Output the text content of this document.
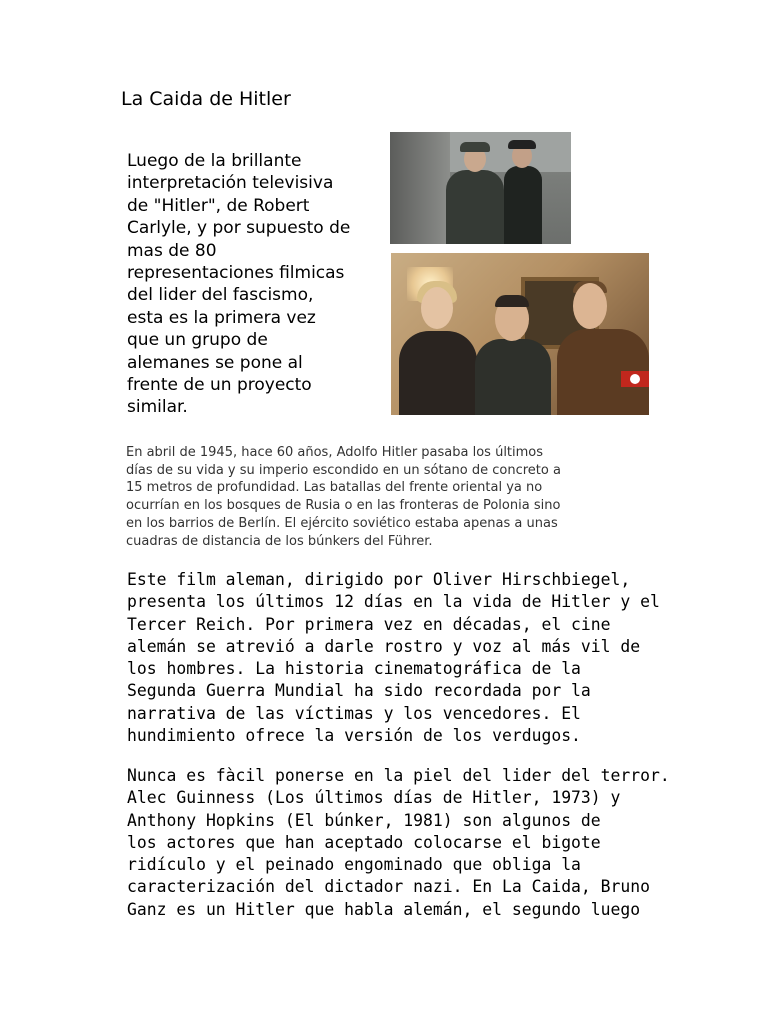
La Caida de Hitler

Luego de la brillante
interpretación televisiva
de "Hitler", de Robert
Carlyle, y por supuesto de
mas de 80
representaciones filmicas
del lider del fascismo,
esta es la primera vez
que un grupo de
alemanes se pone al
frente de un proyecto
similar.

En abril de 1945, hace 60 años, Adolfo Hitler pasaba los últimos
días de su vida y su imperio escondido en un sótano de concreto a
15 metros de profundidad. Las batallas del frente oriental ya no
ocurrían en los bosques de Rusia o en las fronteras de Polonia sino
en los barrios de Berlín. El ejército soviético estaba apenas a unas
cuadras de distancia de los búnkers del Führer.

Este film aleman, dirigido por Oliver Hirschbiegel,
presenta los últimos 12 días en la vida de Hitler y el
Tercer Reich. Por primera vez en décadas, el cine
alemán se atrevió a darle rostro y voz al más vil de
los hombres. La historia cinematográfica de la
Segunda Guerra Mundial ha sido recordada por la
narrativa de las víctimas y los vencedores. El
hundimiento ofrece la versión de los verdugos.

Nunca es fàcil ponerse en la piel del lider del terror.
Alec Guinness (Los últimos días de Hitler, 1973) y
Anthony Hopkins (El búnker, 1981) son algunos de
los actores que han aceptado colocarse el bigote
ridículo y el peinado engominado que obliga la
caracterización del dictador nazi. En La Caida, Bruno
Ganz es un Hitler que habla alemán, el segundo luego
